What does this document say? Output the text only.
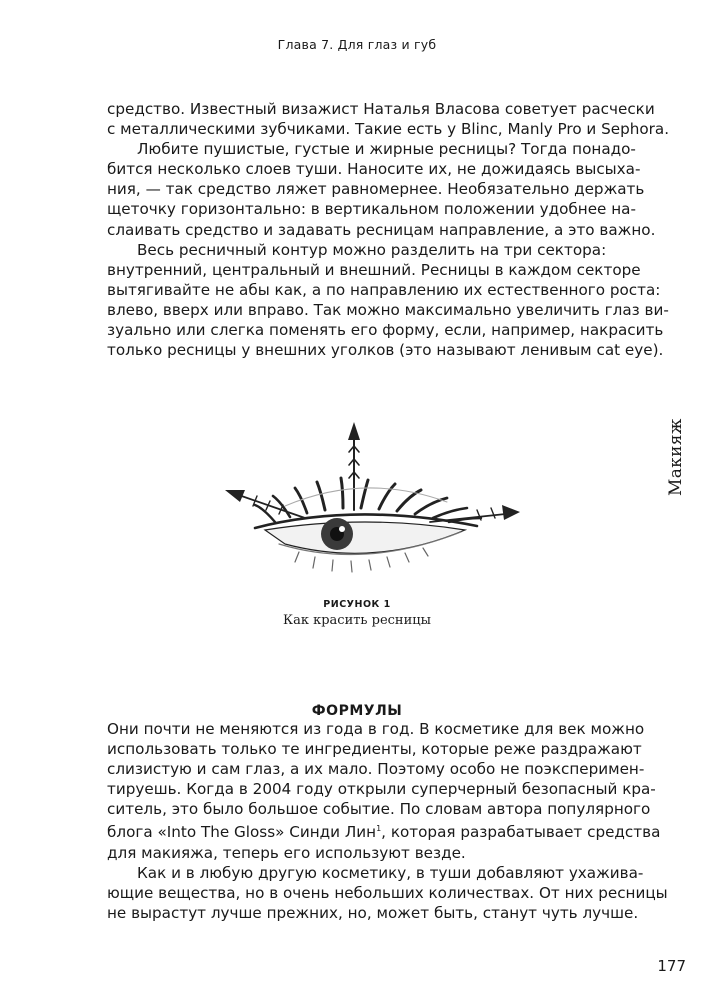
Глава 7. Для глаз и губ
Макияж
средство. Известный визажист Наталья Власова советует расчески
с металлическими зубчиками. Такие есть у Blinc, Manly Pro и Sephora.
Любите пушистые, густые и жирные ресницы? Тогда понадо-
бится несколько слоев туши. Наносите их, не дожидаясь высыха-
ния, — так средство ляжет равномернее. Необязательно держать
щеточку горизонтально: в вертикальном положении удобнее на-
слаивать средство и задавать ресницам направление, а это важно.
Весь ресничный контур можно разделить на три сектора:
внутренний, центральный и внешний. Ресницы в каждом секторе
вытягивайте не абы как, а по направлению их естественного роста:
влево, вверх или вправо. Так можно максимально увеличить глаз ви-
зуально или слегка поменять его форму, если, например, накрасить
только ресницы у внешних уголков (это называют ленивым cat eye).
РИСУНОК 1
Как красить ресницы
ФОРМУЛЫ
Они почти не меняются из года в год. В косметике для век можно
использовать только те ингредиенты, которые реже раздражают
слизистую и сам глаз, а их мало. Поэтому особо не поэксперимен-
тируешь. Когда в 2004 году открыли суперчерный безопасный кра-
ситель, это было большое событие. По словам автора популярного
блога «Into The Gloss» Синди Лин$^1$, которая разрабатывает средства
для макияжа, теперь его используют везде.
Как и в любую другую косметику, в туши добавляют ухажива-
ющие вещества, но в очень небольших количествах. От них ресницы
не вырастут лучше прежних, но, может быть, станут чуть лучше.
177
